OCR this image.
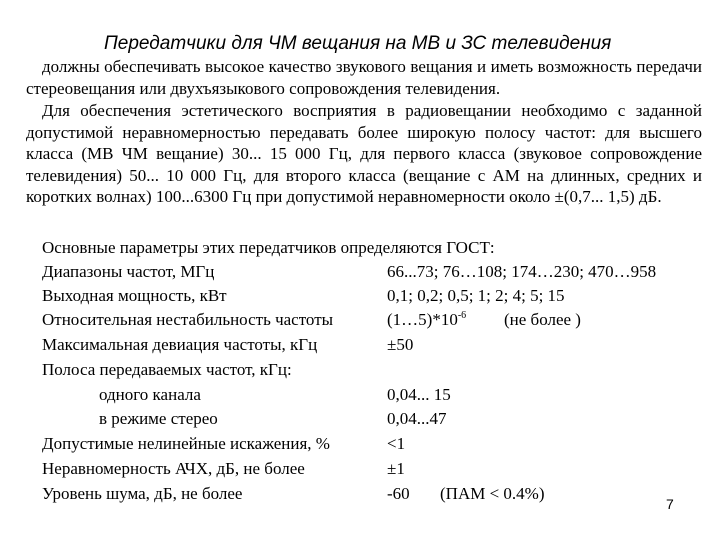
Передатчики для ЧМ вещания на МВ и ЗС телевидения

должны обеспечивать высокое качество звукового вещания и иметь возможность передачи стереовещания или двухъязыкового сопровождения телевидения.

Для обеспечения эстетического восприятия в радиовещании необходимо с заданной допустимой неравномерностью передавать более широкую полосу частот: для высшего класса (МВ ЧМ вещание) 30... 15 000 Гц, для первого класса (звуковое сопровождение телевидения) 50... 10 000 Гц, для второго класса (вещание с АМ на длинных, средних и коротких волнах) 100...6300 Гц при допустимой неравномерности около ±(0,7... 1,5) дБ.

Основные параметры этих передатчиков определяются ГОСТ:
Диапазоны частот, МГц	66...73; 76…108; 174…230; 470…958
Выходная мощность, кВт	0,1; 0,2; 0,5; 1; 2; 4; 5; 15
Относительная нестабильность частоты	$(1\dots 5)*10^{-6}$ (не более )
Максимальная девиация частоты, кГц	±50
Полоса передаваемых частот, кГц:
одного канала	0,04... 15
в режиме стерео	0,04...47
Допустимые нелинейные искажения, %	<1
Неравномерность АЧХ, дБ, не более	±1
Уровень шума, дБ, не более	-60 (ПАМ < 0.4%)
7
